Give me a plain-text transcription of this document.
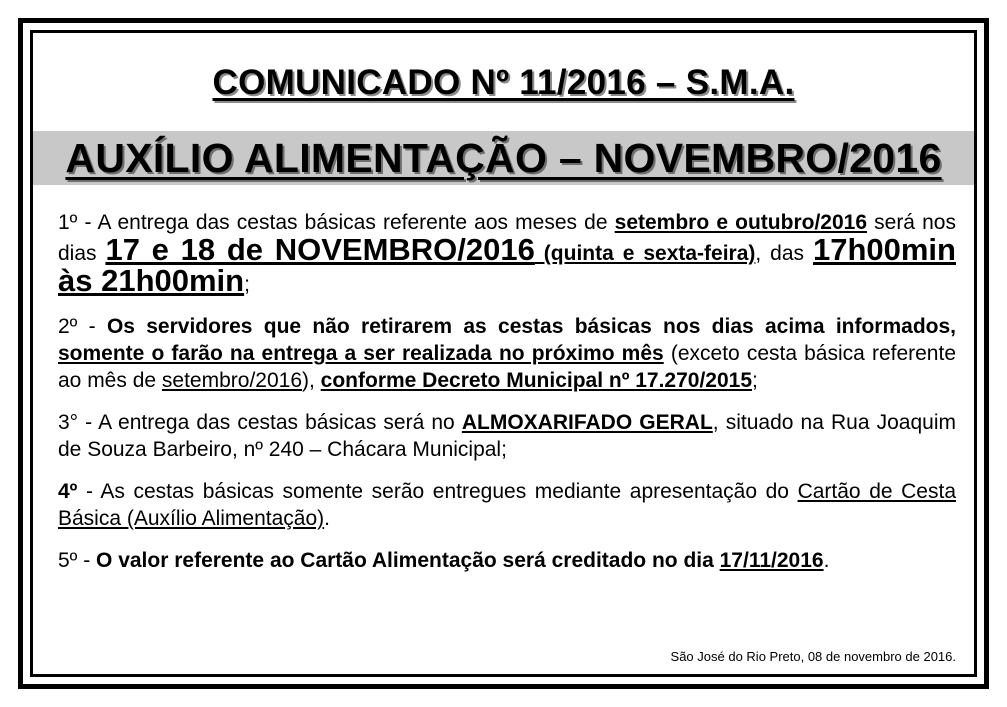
COMUNICADO Nº 11/2016 – S.M.A.
AUXÍLIO ALIMENTAÇÃO – NOVEMBRO/2016

1º - A entrega das cestas básicas referente aos meses de setembro e outubro/2016 será nos dias 17 e 18 de NOVEMBRO/2016 (quinta e sexta-feira), das 17h00min às 21h00min;

2º - Os servidores que não retirarem as cestas básicas nos dias acima informados, somente o farão na entrega a ser realizada no próximo mês (exceto cesta básica referente ao mês de setembro/2016), conforme Decreto Municipal nº 17.270/2015;

3° - A entrega das cestas básicas será no ALMOXARIFADO GERAL, situado na Rua Joaquim de Souza Barbeiro, nº 240 – Chácara Municipal;

4º - As cestas básicas somente serão entregues mediante apresentação do Cartão de Cesta Básica (Auxílio Alimentação).

5º - O valor referente ao Cartão Alimentação será creditado no dia 17/11/2016.

São José do Rio Preto, 08 de novembro de 2016.
